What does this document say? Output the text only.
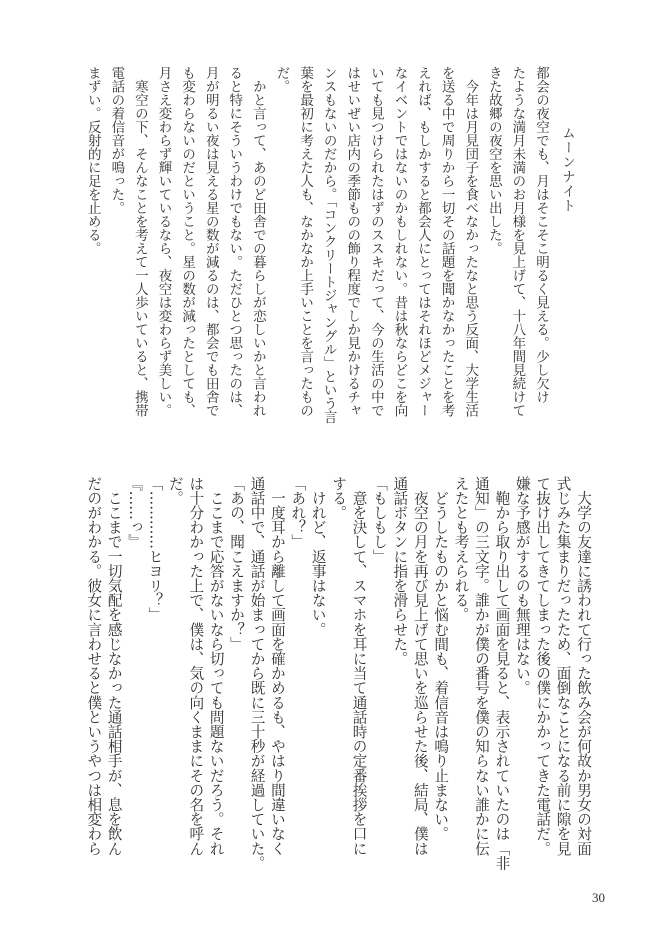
ムーンナイト
都会の夜空でも、月はそこそこ明るく見える。少し欠け
たような満月未満のお月様を見上げて、十八年間見続けて
きた故郷の夜空を思い出した。
　今年は月見団子を食べなかったなと思う反面、大学生活
を送る中で周りから一切その話題を聞かなかったことを考
えれば、もしかすると都会人にとってはそれほどメジャー
なイベントではないのかもしれない。昔は秋ならどこを向
いても見つけられたはずのススキだって、今の生活の中で
はせいぜい店内の季節ものの飾り程度でしか見かけるチャ
ンスもないのだから。「コンクリートジャングル」という言
葉を最初に考えた人も、なかなか上手いことを言ったもの
だ。
　かと言って、あのど田舎での暮らしが恋しいかと言われ
ると特にそういうわけでもない。ただひとつ思ったのは、
月が明るい夜は見える星の数が減るのは、都会でも田舎で
も変わらないのだということ。星の数が減ったとしても、
月さえ変わらず輝いているなら、夜空は変わらず美しい。
　寒空の下、そんなことを考えて一人歩いていると、携帯
電話の着信音が鳴った。
まずい。反射的に足を止める。
　大学の友達に誘われて行った飲み会が何故か男女の対面
式じみた集まりだったため、面倒なことになる前に隙を見
て抜け出してきてしまった後の僕にかかってきた電話だ。
嫌な予感がするのも無理はない。
　鞄から取り出して画面を見ると、表示されていたのは「非
通知」の三文字。誰かが僕の番号を僕の知らない誰かに伝
えたとも考えられる。
　どうしたものかと悩む間も、着信音は鳴り止まない。
　夜空の月を再び見上げて思いを巡らせた後、結局、僕は
通話ボタンに指を滑らせた。
「もしもし」
　意を決して、スマホを耳に当て通話時の定番挨拶を口に
する。
　けれど、返事はない。
「あれ？」
　一度耳から離して画面を確かめるも、やはり間違いなく
通話中で、通話が始まってから既に三十秒が経過していた。
「あの、聞こえますか？」
　ここまで応答がないなら切っても問題ないだろう。それ
は十分わかった上で、僕は、気の向くままにその名を呼ん
だ。
「…………ヒヨリ？」
『……っ』
　ここまで一切気配を感じなかった通話相手が、息を飲ん
だのがわかる。彼女に言わせると僕というやつは相変わら
30
